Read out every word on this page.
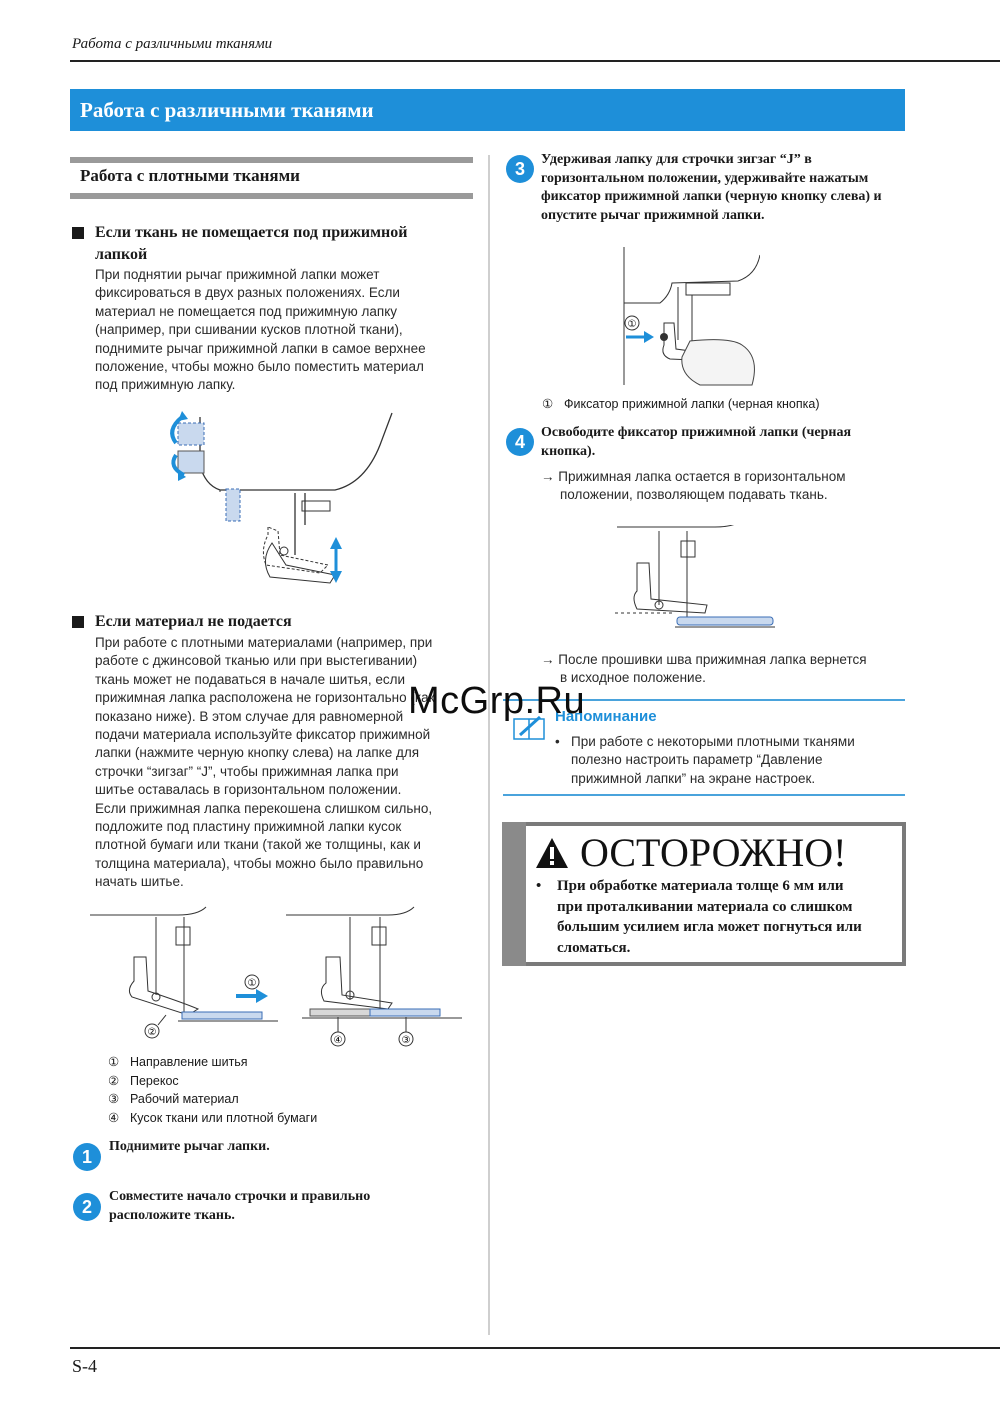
Работа с различными тканями
Работа с различными тканями
Работа с плотными тканями
Если ткань не помещается под прижимной
лапкой
При поднятии рычаг прижимной лапки может
фиксироваться в двух разных положениях. Если
материал не помещается под прижимную лапку
(например, при сшивании кусков плотной ткани),
поднимите рычаг прижимной лапки в самое верхнее
положение, чтобы можно было поместить материал
под прижимную лапку.
Если материал не подается
При работе с плотными материалами (например, при
работе с джинсовой тканью или при выстегивании)
ткань может не подаваться в начале шитья, если
прижимная лапка расположена не горизонтально (как
показано ниже). В этом случае для равномерной
подачи материала используйте фиксатор прижимной
лапки (нажмите черную кнопку слева) на лапке для
строчки “зигзаг” “J”, чтобы прижимная лапка при
шитье оставалась в горизонтальном положении.
Если прижимная лапка перекошена слишком сильно,
подложите под пластину прижимной лапки кусок
плотной бумаги или ткани (такой же толщины, как и
толщина материала), чтобы можно было правильно
начать шитье.
①
②
④	③
① Направление шитья
② Перекос
③ Рабочий материал
④ Кусок ткани или плотной бумаги
1
Поднимите рычаг лапки.
2
Совместите начало строчки и правильно
расположите ткань.
3	Удерживая лапку для строчки зигзаг “J” в
горизонтальном положении, удерживайте нажатым
фиксатор прижимной лапки (черную кнопку слева) и
опустите рычаг прижимной лапки.
①
① Фиксатор прижимной лапки (черная кнопка)
4	Освободите фиксатор прижимной лапки (черная
кнопка).
→ Прижимная лапка остается в горизонтальном
положении, позволяющем подавать ткань.
→ После прошивки шва прижимная лапка вернется
в исходное положение.
Напоминание
• При работе с некоторыми плотными тканями
полезно настроить параметр “Давление
прижимной лапки” на экране настроек.
ОСТОРОЖНО!
• При обработке материала толще 6 мм или
при проталкивании материала со слишком
большим усилием игла может погнуться или
сломаться.
McGrp.Ru
S-4
